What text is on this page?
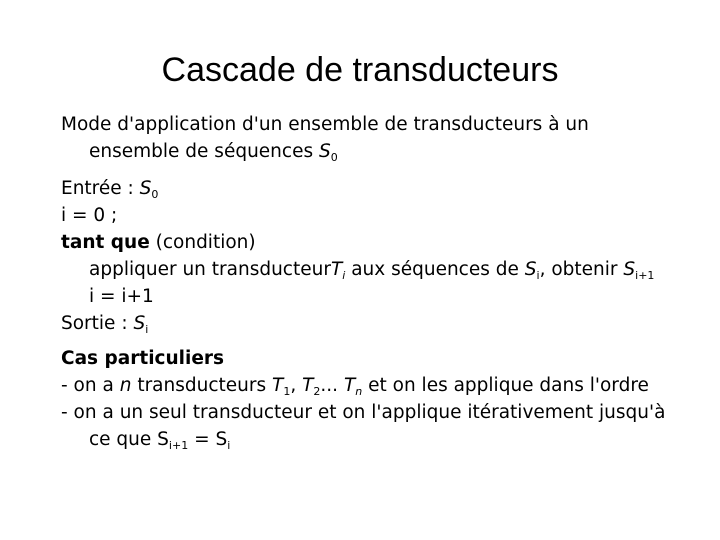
Cascade de transducteurs

Mode d'application d'un ensemble de transducteurs à un ensemble de séquences $S_0$

Entrée : $S_0$
i = 0 ;
tant que (condition)
appliquer un transducteurT$_i$ aux séquences de $S_i$, obtenir $S_{i+1}$
i = i+1
Sortie : $S_i$
Cas particuliers
- on a n transducteurs $T_1$, $T_2$... $T_n$ et on les applique dans l'ordre
- on a un seul transducteur et on l'applique itérativement jusqu'à ce que $S_{i+1} = S_i$
